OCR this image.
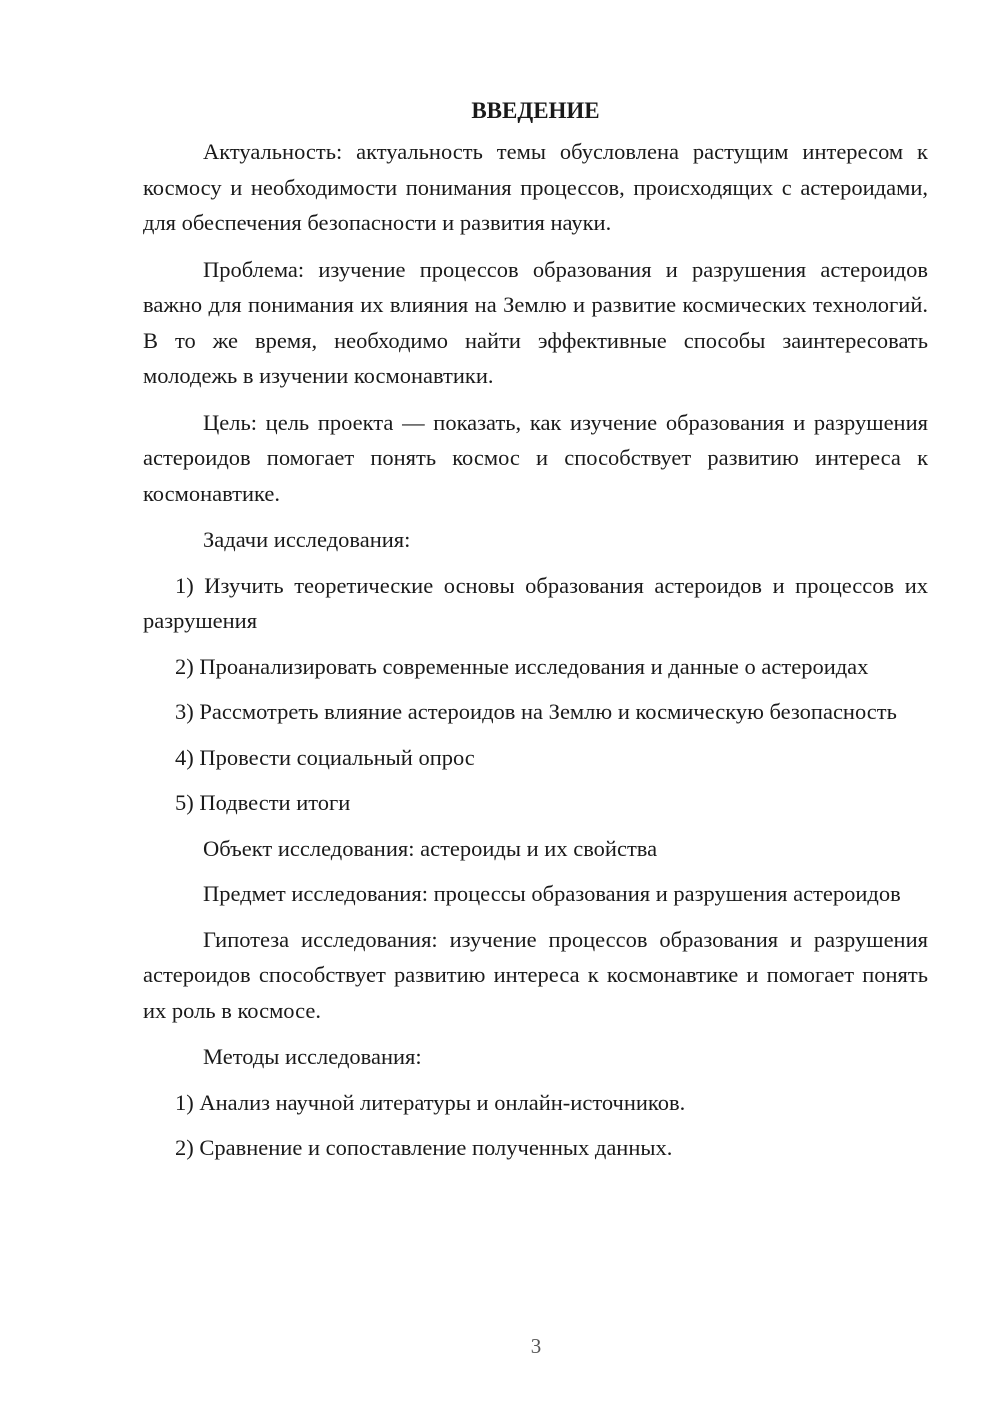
ВВЕДЕНИЕ

Актуальность: актуальность темы обусловлена растущим интересом к космосу и необходимости понимания процессов, происходящих с астероидами, для обеспечения безопасности и развития науки.

Проблема: изучение процессов образования и разрушения астероидов важно для понимания их влияния на Землю и развитие космических технологий. В то же время, необходимо найти эффективные способы заинтересовать молодежь в изучении космонавтики.

Цель: цель проекта — показать, как изучение образования и разрушения астероидов помогает понять космос и способствует развитию интереса к космонавтике.

Задачи исследования:

1) Изучить теоретические основы образования астероидов и процессов их разрушения

2) Проанализировать современные исследования и данные о астероидах

3) Рассмотреть влияние астероидов на Землю и космическую безопасность

4) Провести социальный опрос

5) Подвести итоги

Объект исследования: астероиды и их свойства

Предмет исследования: процессы образования и разрушения астероидов

Гипотеза исследования: изучение процессов образования и разрушения астероидов способствует развитию интереса к космонавтике и помогает понять их роль в космосе.

Методы исследования:

1) Анализ научной литературы и онлайн-источников.

2) Сравнение и сопоставление полученных данных.

3
